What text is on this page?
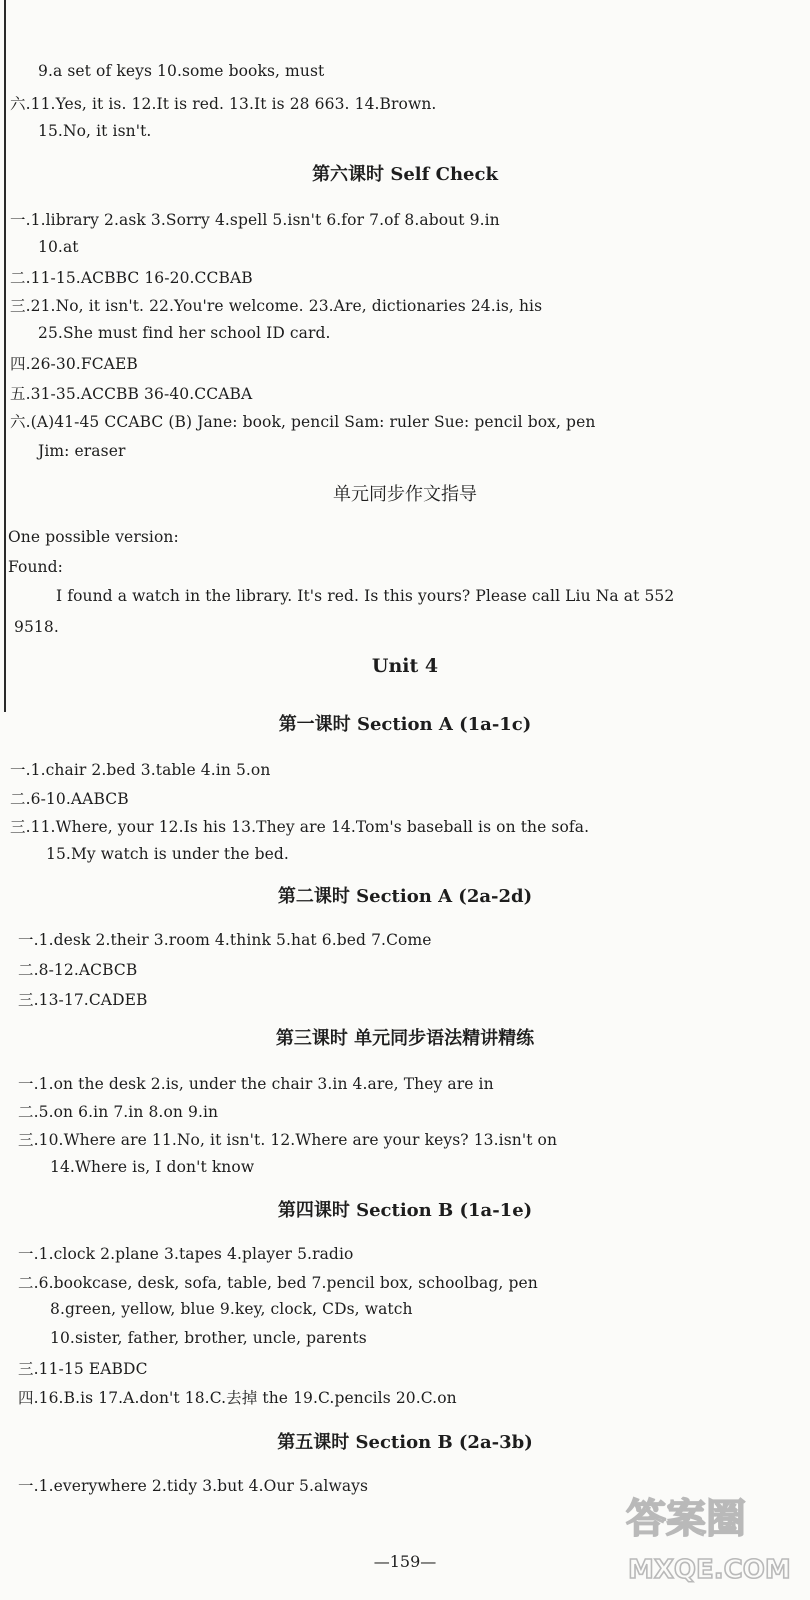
9.a set of keys 10.some books, must
六.11.Yes, it is. 12.It is red. 13.It is 28 663. 14.Brown.
15.No, it isn't.
一.1.library 2.ask 3.Sorry 4.spell 5.isn't 6.for 7.of 8.about 9.in
10.at
二.11-15.ACBBC 16-20.CCBAB
三.21.No, it isn't. 22.You're welcome. 23.Are, dictionaries 24.is, his
25.She must find her school ID card.
四.26-30.FCAEB
五.31-35.ACCBB 36-40.CCABA
六.(A)41-45 CCABC (B) Jane: book, pencil Sam: ruler Sue: pencil box, pen
Jim: eraser
One possible version:
Found:
I found a watch in the library. It's red. Is this yours? Please call Liu Na at 552
9518.
一.1.chair 2.bed 3.table 4.in 5.on
二.6-10.AABCB
三.11.Where, your 12.Is his 13.They are 14.Tom's baseball is on the sofa.
15.My watch is under the bed.
一.1.desk 2.their 3.room 4.think 5.hat 6.bed 7.Come
二.8-12.ACBCB
三.13-17.CADEB
一.1.on the desk 2.is, under the chair 3.in 4.are, They are in
二.5.on 6.in 7.in 8.on 9.in
三.10.Where are 11.No, it isn't. 12.Where are your keys? 13.isn't on
14.Where is, I don't know
一.1.clock 2.plane 3.tapes 4.player 5.radio
二.6.bookcase, desk, sofa, table, bed 7.pencil box, schoolbag, pen
8.green, yellow, blue 9.key, clock, CDs, watch
10.sister, father, brother, uncle, parents
三.11-15 EABDC
四.16.B.is 17.A.don't 18.C.去掉 the 19.C.pencils 20.C.on
一.1.everywhere 2.tidy 3.but 4.Our 5.always
第六课时 Self Check
单元同步作文指导
Unit 4
第一课时 Section A (1a-1c)
第二课时 Section A (2a-2d)
第三课时 单元同步语法精讲精练
第四课时 Section B (1a-1e)
第五课时 Section B (2a-3b)
—159—
答案圈
MXQE.COM
